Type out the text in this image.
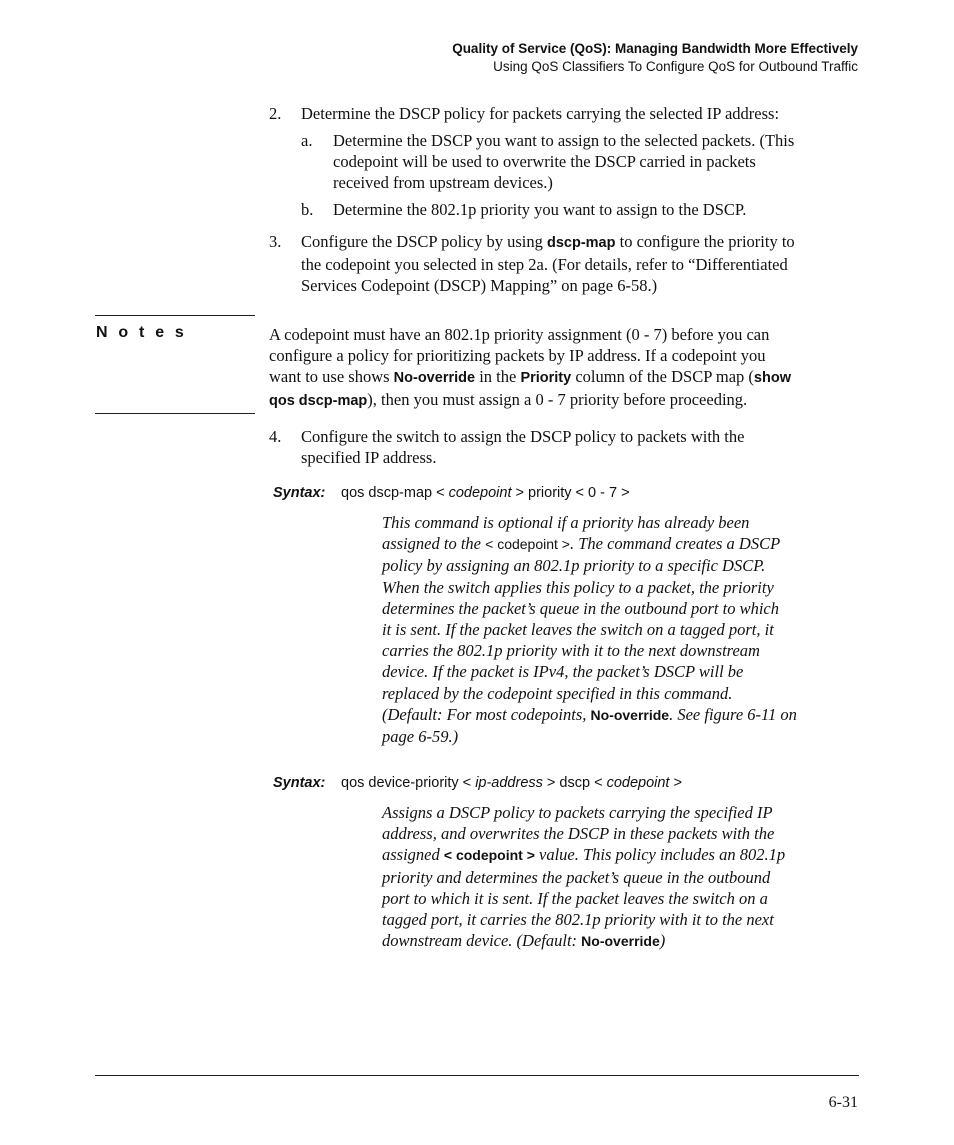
Quality of Service (QoS): Managing Bandwidth More Effectively
Using QoS Classifiers To Configure QoS for Outbound Traffic
2.	Determine the DSCP policy for packets carrying the selected IP address:
a.	Determine the DSCP you want to assign to the selected packets. (This
codepoint will be used to overwrite the DSCP carried in packets
received from upstream devices.)
b.	Determine the 802.1p priority you want to assign to the DSCP.
3.	Configure the DSCP policy by using dscp-map to configure the priority to
the codepoint you selected in step 2a. (For details, refer to “Differentiated
Services Codepoint (DSCP) Mapping” on page 6-58.)
N o t e s	A codepoint must have an 802.1p priority assignment (0 - 7) before you can
configure a policy for prioritizing packets by IP address. If a codepoint you
want to use shows No-override in the Priority column of the DSCP map (show
qos dscp-map), then you must assign a 0 - 7 priority before proceeding.
4.	Configure the switch to assign the DSCP policy to packets with the
specified IP address.
Syntax: qos dscp-map < codepoint > priority < 0 - 7 >
This command is optional if a priority has already been
assigned to the < codepoint >. The command creates a DSCP
policy by assigning an 802.1p priority to a specific DSCP.
When the switch applies this policy to a packet, the priority
determines the packet’s queue in the outbound port to which
it is sent. If the packet leaves the switch on a tagged port, it
carries the 802.1p priority with it to the next downstream
device. If the packet is IPv4, the packet’s DSCP will be
replaced by the codepoint specified in this command.
(Default: For most codepoints, No-override. See figure 6-11 on
page 6-59.)
Syntax: qos device-priority < ip-address > dscp < codepoint >
Assigns a DSCP policy to packets carrying the specified IP
address, and overwrites the DSCP in these packets with the
assigned < codepoint > value. This policy includes an 802.1p
priority and determines the packet’s queue in the outbound
port to which it is sent. If the packet leaves the switch on a
tagged port, it carries the 802.1p priority with it to the next
downstream device. (Default: No-override)
6-31
